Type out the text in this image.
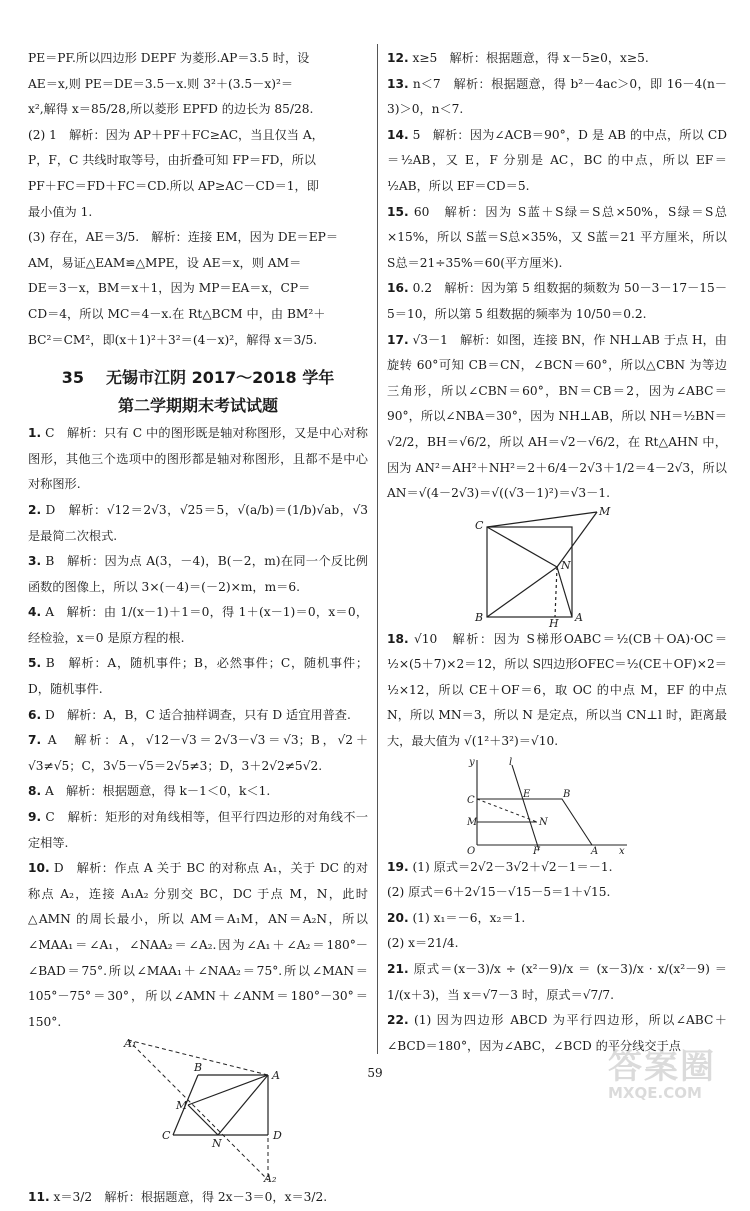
PE＝PF.所以四边形 DEPF 为菱形.AP＝3.5 时，设

AE＝x,则 PE＝DE＝3.5－x.则 3²＋(3.5－x)²＝

x²,解得 x＝85/28,所以菱形 EPFD 的边长为 85/28.

(2) 1　解析：因为 AP＋PF＋FC≥AC，当且仅当 A，

P，F，C 共线时取等号，由折叠可知 FP＝FD，所以

PF＋FC＝FD＋FC＝CD.所以 AP≥AC－CD＝1，即

最小值为 1.

(3) 存在，AE＝3/5.　解析：连接 EM，因为 DE＝EP＝

AM，易证△EAM≌△MPE，设 AE＝x，则 AM＝

DE＝3－x，BM＝x＋1，因为 MP＝EA＝x，CP＝

CD＝4，所以 MC＝4－x.在 Rt△BCM 中，由 BM²＋

BC²＝CM²，即(x＋1)²＋3²＝(4－x)²，解得 x＝3/5.

35 无锡市江阴 2017～2018 学年
第二学期期末考试试题

1. C　解析：只有 C 中的图形既是轴对称图形，又是中心对称图形，其他三个选项中的图形都是轴对称图形，且都不是中心对称图形.

2. D　解析：√12＝2√3，√25＝5，√(a/b)＝(1/b)√ab，√3 是最简二次根式.

3. B　解析：因为点 A(3，－4)，B(－2，m)在同一个反比例函数的图像上，所以 3×(－4)＝(－2)×m，m＝6.

4. A　解析：由 1/(x－1)＋1＝0，得 1＋(x－1)＝0，x＝0，经检验，x＝0 是原方程的根.

5. B　解析：A，随机事件；B，必然事件；C，随机事件；D，随机事件.

6. D　解析：A，B，C 适合抽样调查，只有 D 适宜用普查.

7. A　解析：A，√12－√3＝2√3－√3＝√3；B，√2＋√3≠√5；C，3√5－√5＝2√5≠3；D，3＋2√2≠5√2.

8. A　解析：根据题意，得 k－1＜0，k＜1.

9. C　解析：矩形的对角线相等，但平行四边形的对角线不一定相等.

10. D　解析：作点 A 关于 BC 的对称点 A₁，关于 DC 的对称点 A₂，连接 A₁A₂ 分别交 BC，DC 于点 M，N，此时△AMN 的周长最小，所以 AM＝A₁M，AN＝A₂N，所以∠MAA₁＝∠A₁，∠NAA₂＝∠A₂.因为∠A₁＋∠A₂＝180°－∠BAD＝75°.所以∠MAA₁＋∠NAA₂＝75°.所以∠MAN＝105°－75°＝30°，所以∠AMN＋∠ANM＝180°－30°＝150°.

A₁
B
A
M
C
N
D
A₂

11. x＝3/2　解析：根据题意，得 2x－3＝0，x＝3/2.

12. x≥5　解析：根据题意，得 x－5≥0，x≥5.

13. n＜7　解析：根据题意，得 b²－4ac＞0，即 16－4(n－3)＞0，n＜7.

14. 5　解析：因为∠ACB＝90°，D 是 AB 的中点，所以 CD＝½AB，又 E，F 分别是 AC，BC 的中点，所以 EF＝½AB，所以 EF＝CD＝5.

15. 60　解析：因为 S蓝＋S绿＝S总×50%，S绿＝S总×15%，所以 S蓝＝S总×35%，又 S蓝＝21 平方厘米，所以 S总＝21÷35%＝60(平方厘米).

16. 0.2　解析：因为第 5 组数据的频数为 50－3－17－15－5＝10，所以第 5 组数据的频率为 10/50＝0.2.

17. √3－1　解析：如图，连接 BN，作 NH⊥AB 于点 H，由旋转 60°可知 CB＝CN，∠BCN＝60°，所以△CBN 为等边三角形，所以∠CBN＝60°，BN＝CB＝2，因为∠ABC＝90°，所以∠NBA＝30°，因为 NH⊥AB，所以 NH＝½BN＝√2/2，BH＝√6/2，所以 AH＝√2－√6/2，在 Rt△AHN 中，因为 AN²＝AH²＋NH²＝2＋6/4－2√3＋1/2＝4－2√3，所以 AN＝√(4－2√3)＝√((√3－1)²)＝√3－1.

C
M
N
B	H A

18. √10　解析：因为 S梯形OABC＝½(CB＋OA)·OC＝½×(5＋7)×2＝12，所以 S四边形OFEC＝½(CE＋OF)×2＝½×12，所以 CE＋OF＝6，取 OC 的中点 M，EF 的中点 N，所以 MN＝3，所以 N 是定点，所以当 CN⊥l 时，距离最大，最大值为 √(1²＋3²)＝√10.

y	l
C
E	B
M	N
O	F	A x

19. (1) 原式＝2√2－3√2＋√2－1＝－1.

(2) 原式＝6＋2√15－√15－5＝1＋√15.

20. (1) x₁＝－6，x₂＝1.

(2) x＝21/4.

21. 原式＝(x－3)/x ÷ (x²－9)/x ＝ (x－3)/x · x/(x²－9) ＝ 1/(x＋3)，当 x＝√7－3 时，原式＝√7/7.

22. (1) 因为四边形 ABCD 为平行四边形，所以∠ABC＋∠BCD＝180°，因为∠ABC，∠BCD 的平分线交于点

59	答案圈
MXQE.COM
